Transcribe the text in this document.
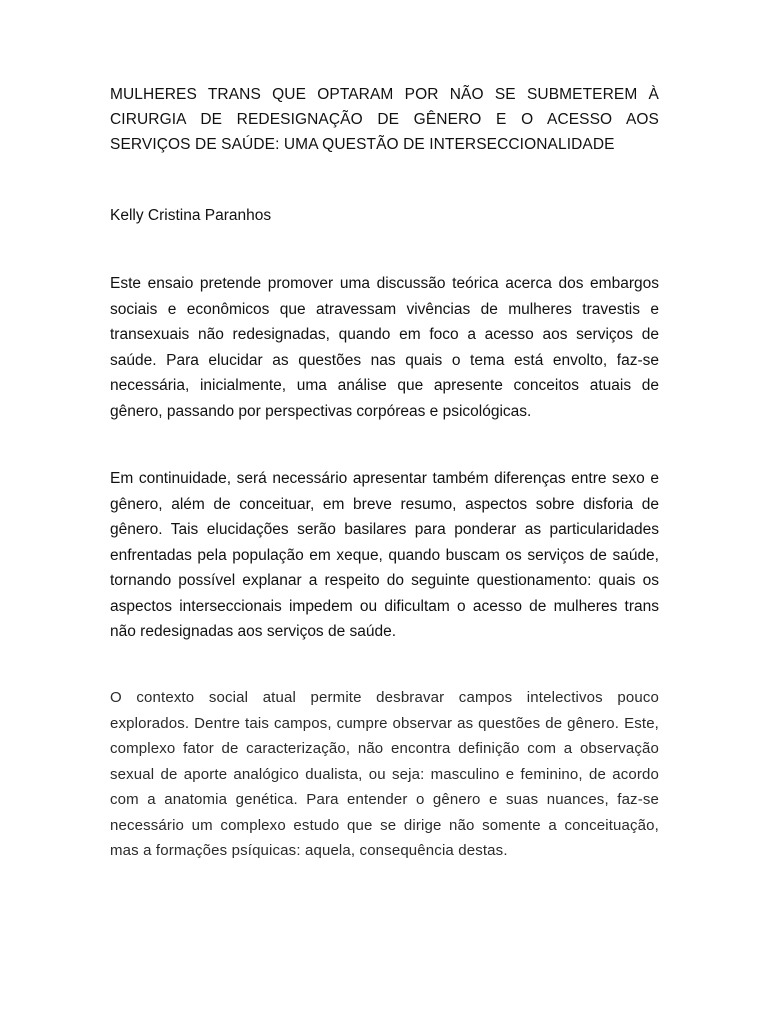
MULHERES TRANS QUE OPTARAM POR NÃO SE SUBMETEREM À CIRURGIA DE REDESIGNAÇÃO DE GÊNERO E O ACESSO AOS SERVIÇOS DE SAÚDE: UMA QUESTÃO DE INTERSECCIONALIDADE

Kelly Cristina Paranhos

Este ensaio pretende promover uma discussão teórica acerca dos embargos sociais e econômicos que atravessam vivências de mulheres travestis e transexuais não redesignadas, quando em foco a acesso aos serviços de saúde. Para elucidar as questões nas quais o tema está envolto, faz-se necessária, inicialmente, uma análise que apresente conceitos atuais de gênero, passando por perspectivas corpóreas e psicológicas.

Em continuidade, será necessário apresentar também diferenças entre sexo e gênero, além de conceituar, em breve resumo, aspectos sobre disforia de gênero. Tais elucidações serão basilares para ponderar as particularidades enfrentadas pela população em xeque, quando buscam os serviços de saúde, tornando possível explanar a respeito do seguinte questionamento: quais os aspectos interseccionais impedem ou dificultam o acesso de mulheres trans não redesignadas aos serviços de saúde.

O contexto social atual permite desbravar campos intelectivos pouco explorados. Dentre tais campos, cumpre observar as questões de gênero. Este, complexo fator de caracterização, não encontra definição com a observação sexual de aporte analógico dualista, ou seja: masculino e feminino, de acordo com a anatomia genética. Para entender o gênero e suas nuances, faz-se necessário um complexo estudo que se dirige não somente a conceituação, mas a formações psíquicas: aquela, consequência destas.
